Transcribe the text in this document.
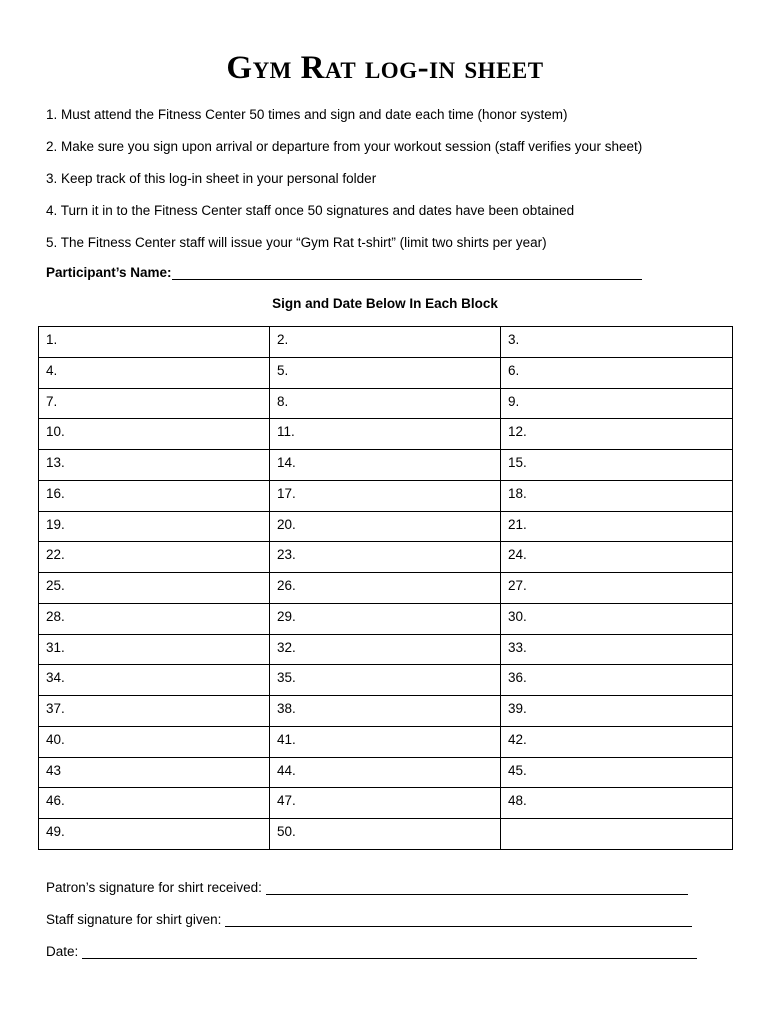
Gym Rat log-in sheet
1. Must attend the Fitness Center 50 times and sign and date each time (honor system)
2. Make sure you sign upon arrival or departure from your workout session (staff verifies your sheet)
3. Keep track of this log-in sheet in your personal folder
4. Turn it in to the Fitness Center staff once 50 signatures and dates have been obtained
5. The Fitness Center staff will issue your “Gym Rat t-shirt” (limit two shirts per year)
Participant’s Name:
Sign and Date Below In Each Block
1.	2.	3.
4.	5.	6.
7.	8.	9.
10.	11.	12.
13.	14.	15.
16.	17.	18.
19.	20.	21.
22.	23.	24.
25.	26.	27.
28.	29.	30.
31.	32.	33.
34.	35.	36.
37.	38.	39.
40.	41.	42.
43	44.	45.
46.	47.	48.
49.	50.	
Patron’s signature for shirt received:
Staff signature for shirt given:
Date:
